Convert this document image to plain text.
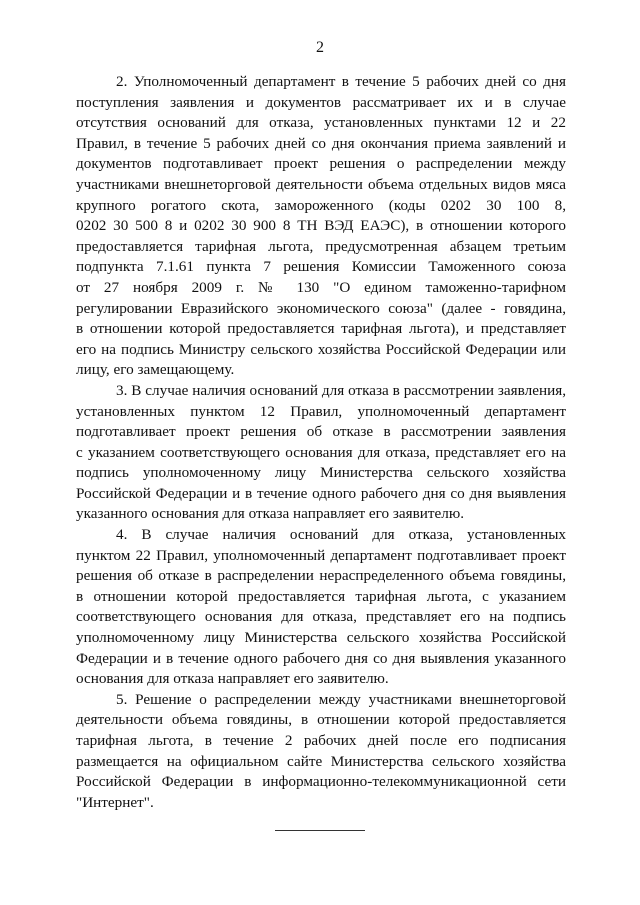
2
2. Уполномоченный департамент в течение 5 рабочих дней со дня
поступления заявления и документов рассматривает их и в случае
отсутствия оснований для отказа, установленных пунктами 12 и 22
Правил, в течение 5 рабочих дней со дня окончания приема заявлений и
документов подготавливает проект решения о распределении между
участниками внешнеторговой деятельности объема отдельных видов мяса
крупного рогатого скота, замороженного (коды 0202 30 100 8,
0202 30 500 8 и 0202 30 900 8 ТН ВЭД ЕАЭС), в отношении которого
предоставляется тарифная льгота, предусмотренная абзацем третьим
подпункта 7.1.61 пункта 7 решения Комиссии Таможенного союза
от 27 ноября 2009 г. № 130 "О едином таможенно-тарифном
регулировании Евразийского экономического союза" (далее - говядина,
в отношении которой предоставляется тарифная льгота), и представляет
его на подпись Министру сельского хозяйства Российской Федерации или
лицу, его замещающему.
3. В случае наличия оснований для отказа в рассмотрении заявления,
установленных пунктом 12 Правил, уполномоченный департамент
подготавливает проект решения об отказе в рассмотрении заявления
с указанием соответствующего основания для отказа, представляет его на
подпись уполномоченному лицу Министерства сельского хозяйства
Российской Федерации и в течение одного рабочего дня со дня выявления
указанного основания для отказа направляет его заявителю.
4. В случае наличия оснований для отказа, установленных
пунктом 22 Правил, уполномоченный департамент подготавливает проект
решения об отказе в распределении нераспределенного объема говядины,
в отношении которой предоставляется тарифная льгота, с указанием
соответствующего основания для отказа, представляет его на подпись
уполномоченному лицу Министерства сельского хозяйства Российской
Федерации и в течение одного рабочего дня со дня выявления указанного
основания для отказа направляет его заявителю.
5. Решение о распределении между участниками внешнеторговой
деятельности объема говядины, в отношении которой предоставляется
тарифная льгота, в течение 2 рабочих дней после его подписания
размещается на официальном сайте Министерства сельского хозяйства
Российской Федерации в информационно-телекоммуникационной сети
"Интернет".
